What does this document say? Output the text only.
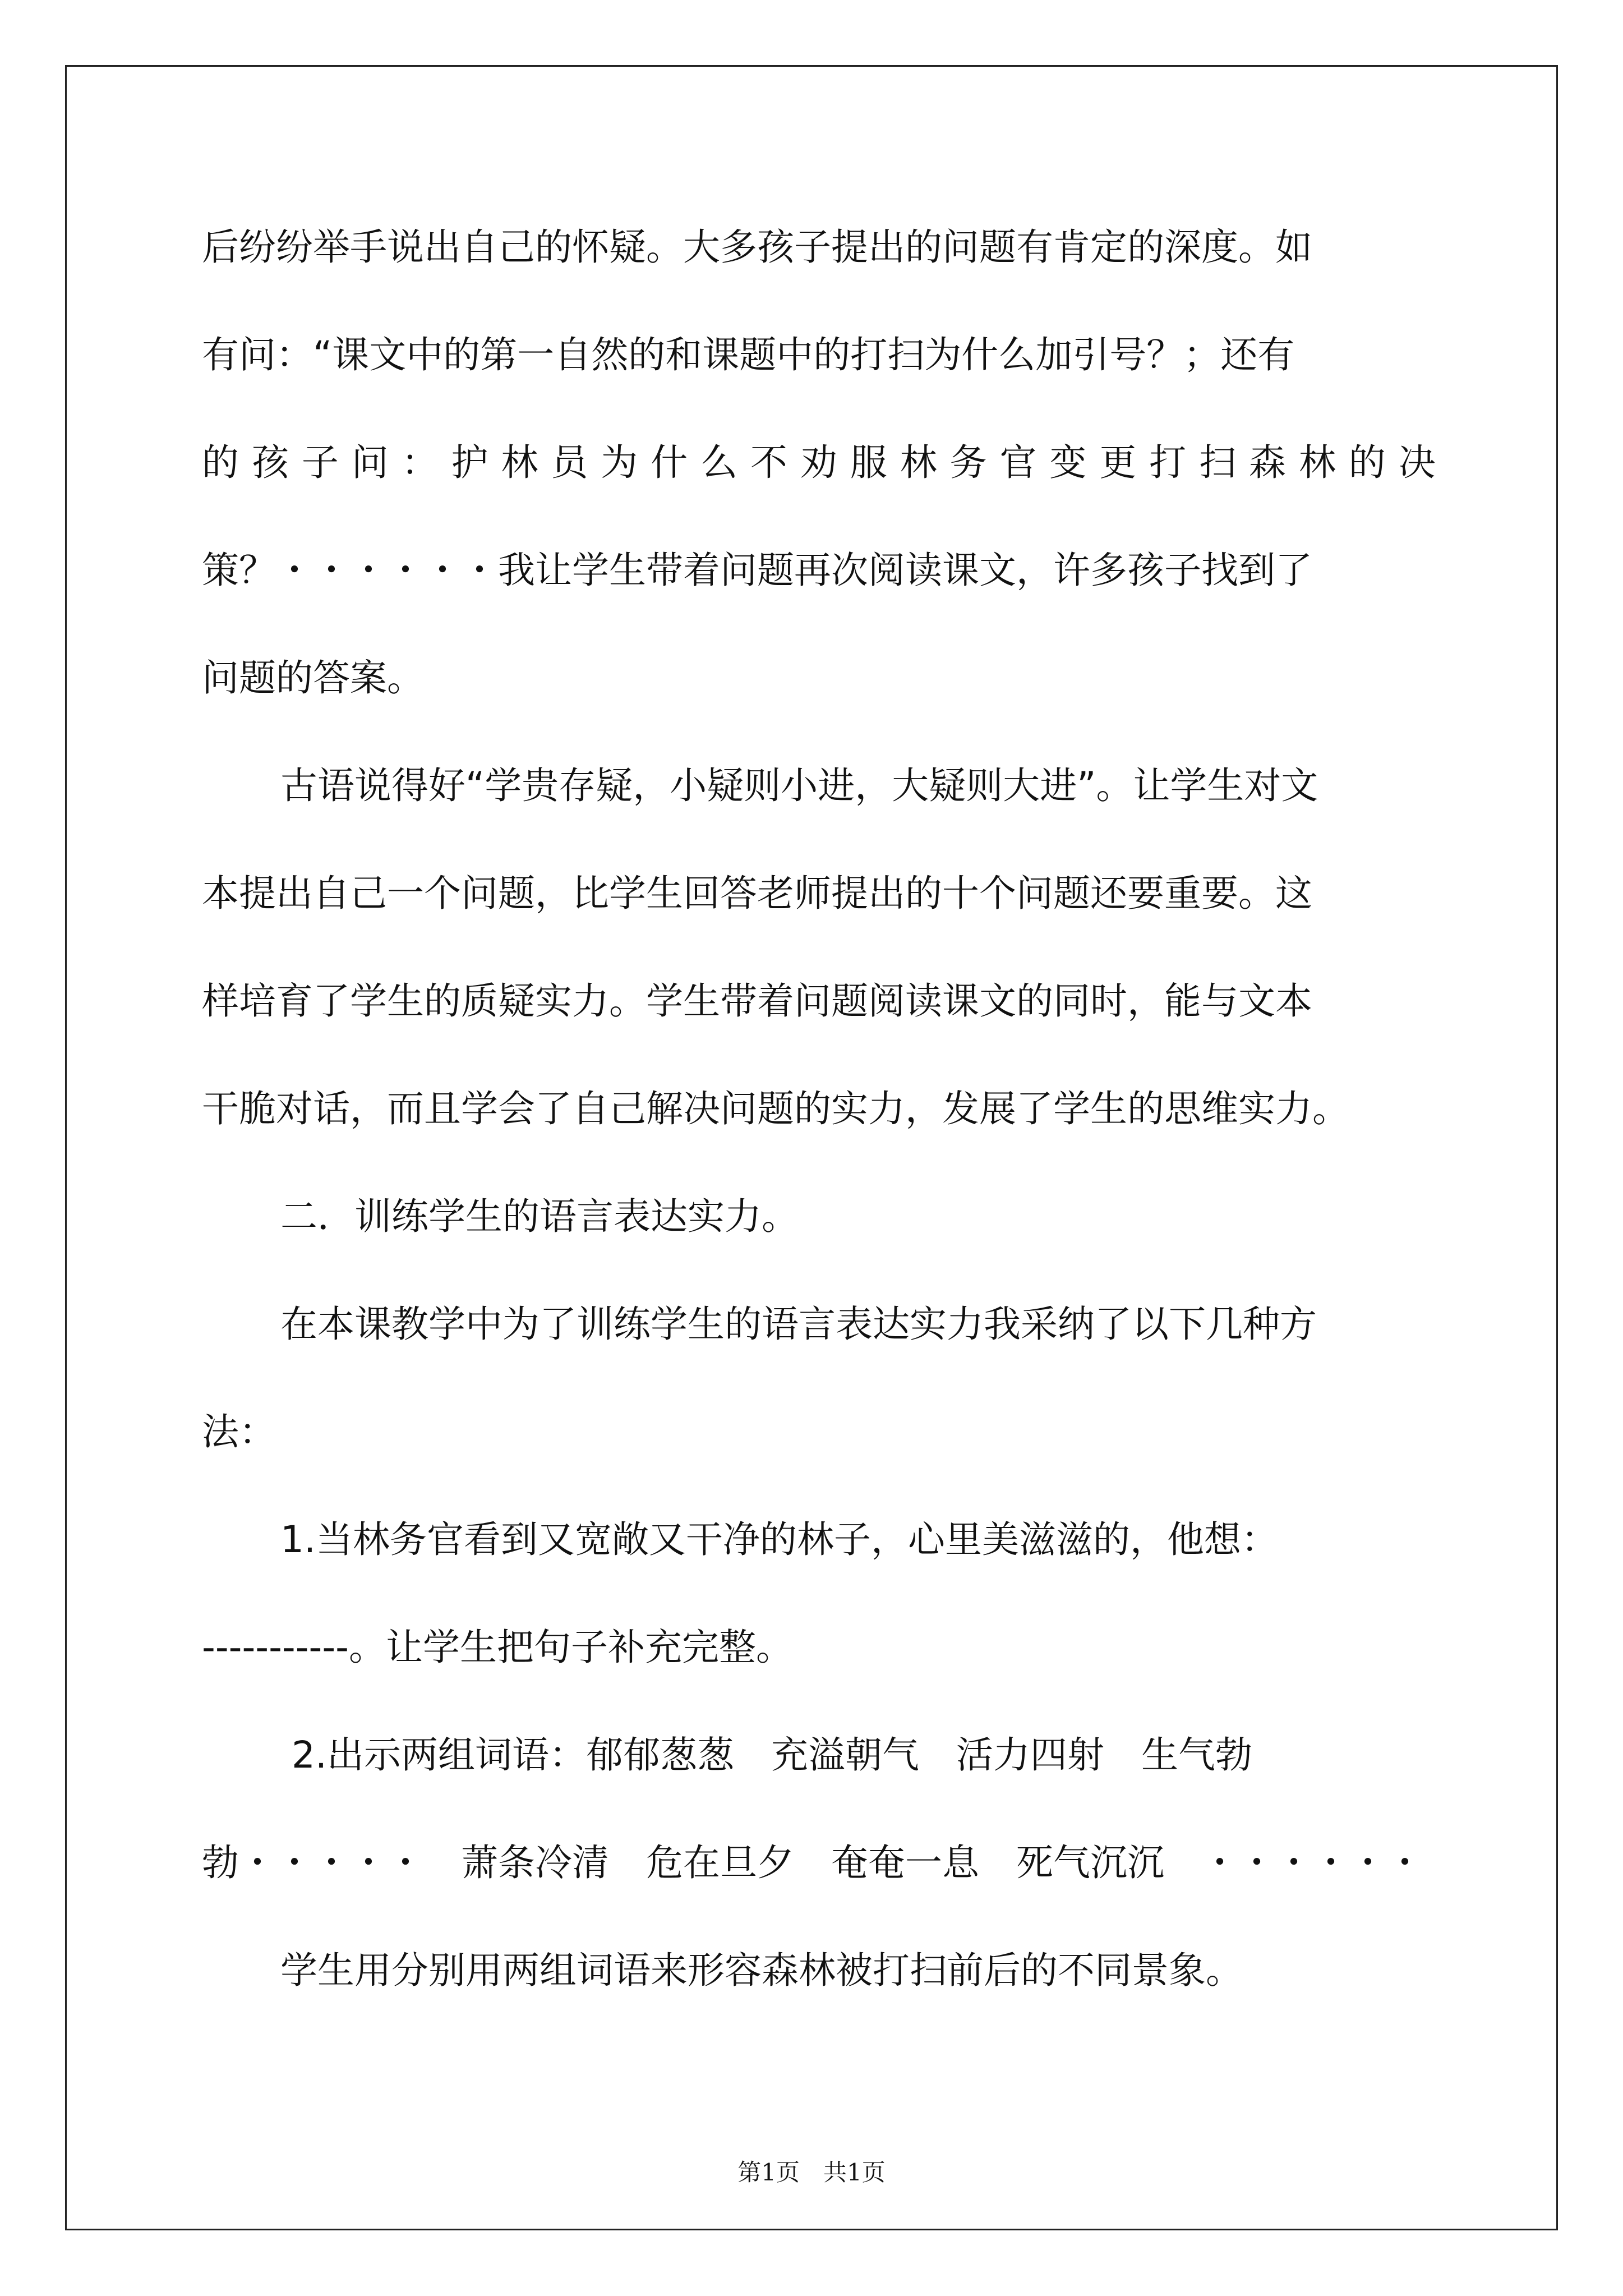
后纷纷举手说出自己的怀疑。大多孩子提出的问题有肯定的深度。如
有问：“课文中的第一自然的和课题中的打扫为什么加引号？；还有
的 孩 子 问 ： 护 林 员 为 什 么 不 劝 服 林 务 官 变 更 打 扫 森 林 的 决
策？・・・・・・我让学生带着问题再次阅读课文，许多孩子找到了
问题的答案。
古语说得好“学贵存疑，小疑则小进，大疑则大进”。让学生对文
本提出自己一个问题，比学生回答老师提出的十个问题还要重要。这
样培育了学生的质疑实力。学生带着问题阅读课文的同时，能与文本
干脆对话，而且学会了自己解决问题的实力，发展了学生的思维实力。
二．训练学生的语言表达实力。
在本课教学中为了训练学生的语言表达实力我采纳了以下几种方
法：
1.当林务官看到又宽敞又干净的林子，心里美滋滋的，他想：
-----------。让学生把句子补充完整。
2.出示两组词语：郁郁葱葱　充溢朝气　活力四射　生气勃
勃・・・・・　萧条冷清　危在旦夕　奄奄一息　死气沉沉　・・・・・・
学生用分别用两组词语来形容森林被打扫前后的不同景象。
第1页　共1页
